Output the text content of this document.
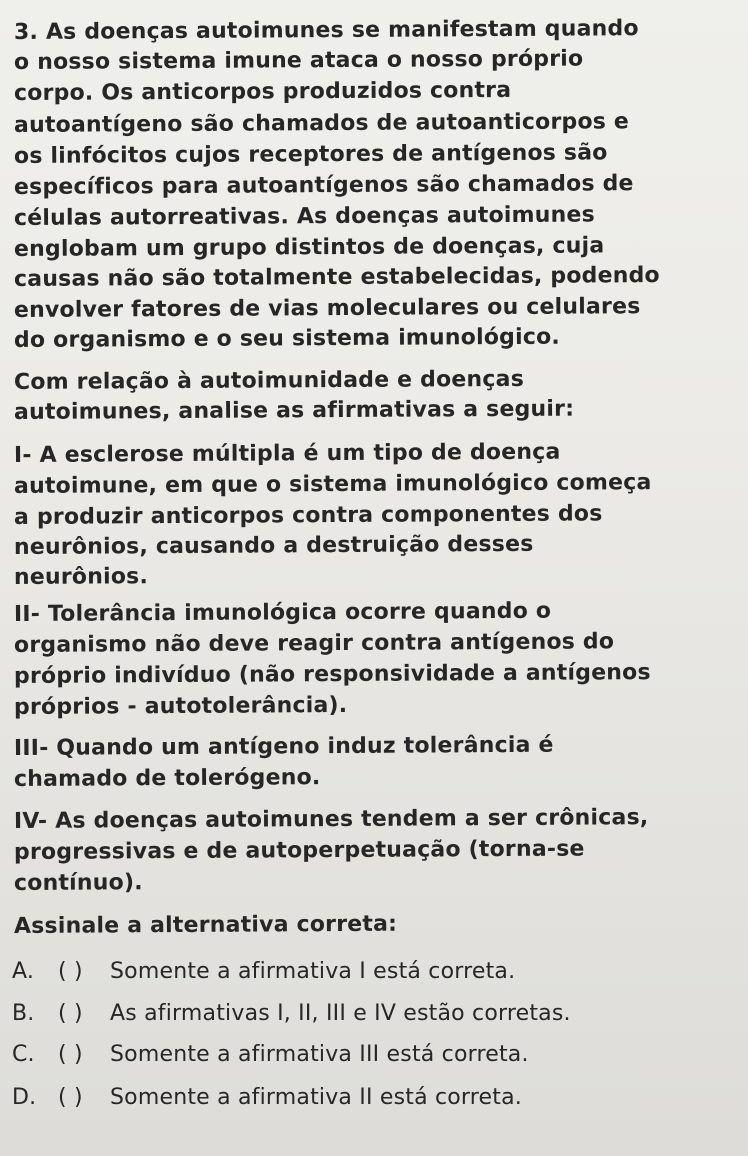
3. As doenças autoimunes se manifestam quando
o nosso sistema imune ataca o nosso próprio
corpo. Os anticorpos produzidos contra
autoantígeno são chamados de autoanticorpos e
os linfócitos cujos receptores de antígenos são
específicos para autoantígenos são chamados de
células autorreativas. As doenças autoimunes
englobam um grupo distintos de doenças, cuja
causas não são totalmente estabelecidas, podendo
envolver fatores de vias moleculares ou celulares
do organismo e o seu sistema imunológico.
Com relação à autoimunidade e doenças
autoimunes, analise as afirmativas a seguir:
I- A esclerose múltipla é um tipo de doença
autoimune, em que o sistema imunológico começa
a produzir anticorpos contra componentes dos
neurônios, causando a destruição desses
neurônios.
II- Tolerância imunológica ocorre quando o
organismo não deve reagir contra antígenos do
próprio indivíduo (não responsividade a antígenos
próprios - autotolerância).
III- Quando um antígeno induz tolerância é
chamado de tolerógeno.
IV- As doenças autoimunes tendem a ser crônicas,
progressivas e de autoperpetuação (torna-se
contínuo).
Assinale a alternativa correta:
A. ( ) Somente a afirmativa I está correta.
B. ( ) As afirmativas I, II, III e IV estão corretas.
C. ( ) Somente a afirmativa III está correta.
D. ( ) Somente a afirmativa II está correta.
